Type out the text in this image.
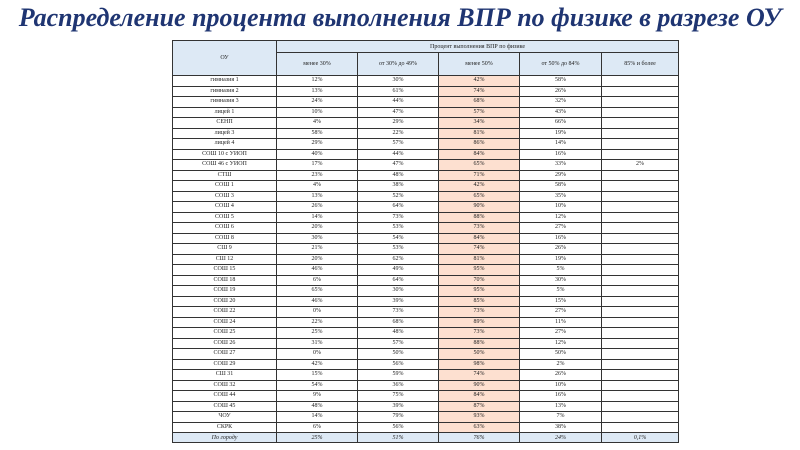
Распределение процента выполнения ВПР по физике в разрезе ОУ
ОУ	Процент выполнения ВПР по физике				
	менее 30%	от 30% до 49%	менее 50%	от 50% до 84%	85% и более
гимназия 1	12%	30%	42%	58%	
гимназия 2	13%	61%	74%	26%	
гимназия 3	24%	44%	68%	32%	
лицей 1	10%	47%	57%	43%	
СЕНП	4%	29%	34%	66%	
лицей 3	58%	22%	81%	19%	
лицей 4	29%	57%	86%	14%	
СОШ 10 с УИОП	40%	44%	84%	16%	
СОШ 46 с УИОП	17%	47%	65%	33%	2%
СТШ	23%	48%	71%	29%	
СОШ 1	4%	38%	42%	58%	
СОШ 3	13%	52%	65%	35%	
СОШ 4	26%	64%	90%	10%	
СОШ 5	14%	73%	88%	12%	
СОШ 6	20%	53%	73%	27%	
СОШ 8	30%	54%	84%	16%	
СШ 9	21%	53%	74%	26%	
СШ 12	20%	62%	81%	19%	
СОШ 15	46%	49%	95%	5%	
СОШ 18	6%	64%	70%	30%	
СОШ 19	65%	30%	95%	5%	
СОШ 20	46%	39%	85%	15%	
СОШ 22	0%	73%	73%	27%	
СОШ 24	22%	68%	89%	11%	
СОШ 25	25%	48%	73%	27%	
СОШ 26	31%	57%	88%	12%	
СОШ 27	0%	50%	50%	50%	
СОШ 29	42%	56%	98%	2%	
СШ 31	15%	59%	74%	26%	
СОШ 32	54%	36%	90%	10%	
СОШ 44	9%	75%	84%	16%	
СОШ 45	48%	39%	87%	13%	
ЧОУ	14%	79%	93%	7%	
СКРК	6%	56%	63%	38%	
По городу	25%	51%	76%	24%	0,1%
